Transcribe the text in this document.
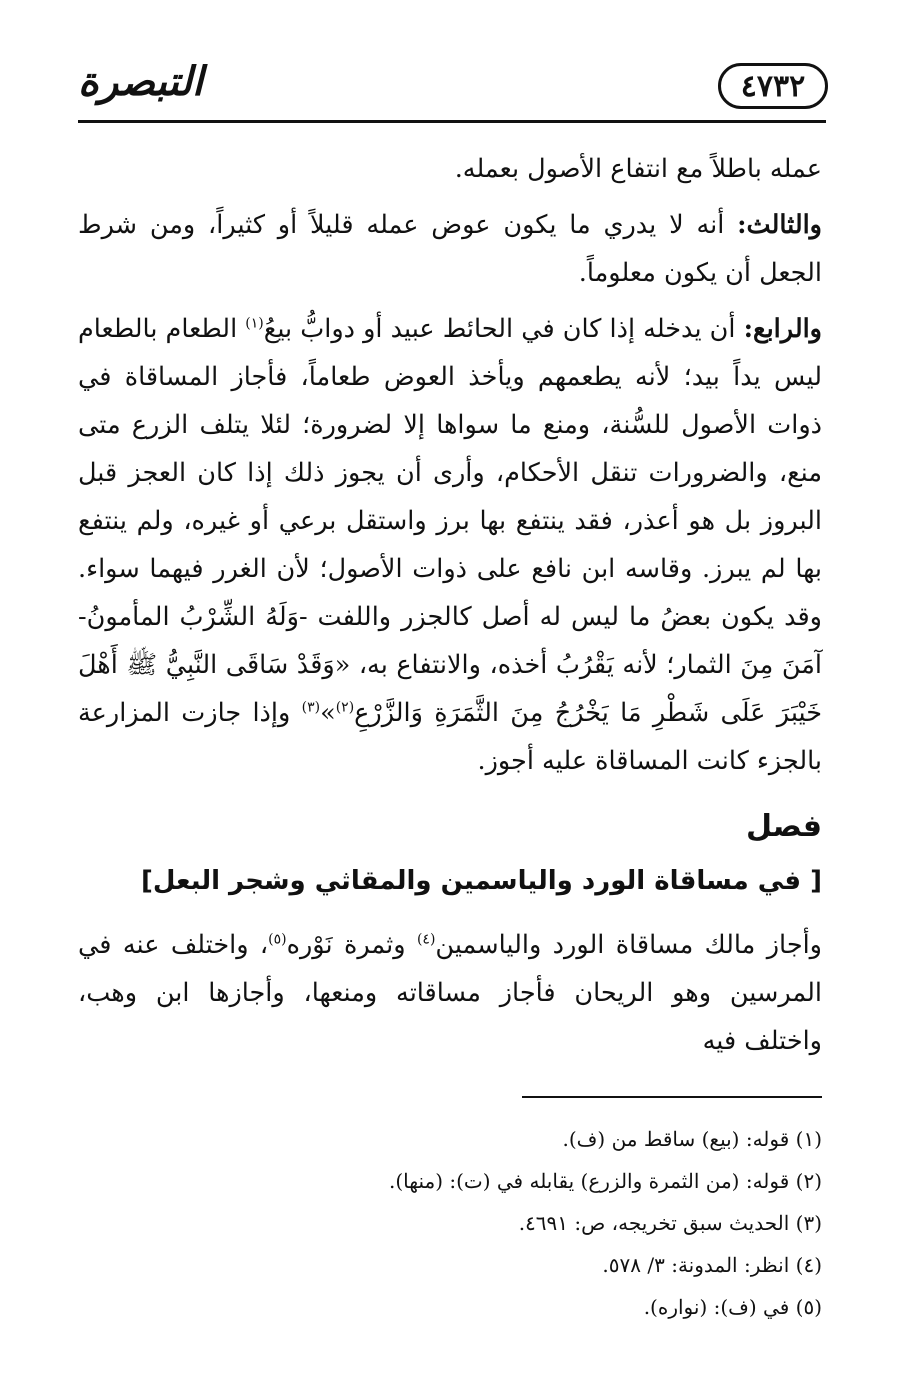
التبصرة	٤٧٣٢

عمله باطلاً مع انتفاع الأصول بعمله.

والثالث: أنه لا يدري ما يكون عوض عمله قليلاً أو كثيراً، ومن شرط الجعل أن يكون معلوماً.

والرابع: أن يدخله إذا كان في الحائط عبيد أو دوابُّ بيعُ$^{(١)}$ الطعام بالطعام ليس يداً بيد؛ لأنه يطعمهم ويأخذ العوض طعاماً، فأجاز المساقاة في ذوات الأصول للسُّنة، ومنع ما سواها إلا لضرورة؛ لئلا يتلف الزرع متى منع، والضرورات تنقل الأحكام، وأرى أن يجوز ذلك إذا كان العجز قبل البروز بل هو أعذر، فقد ينتفع بها برز واستقل برعي أو غيره، ولم ينتفع بها لم يبرز. وقاسه ابن نافع على ذوات الأصول؛ لأن الغرر فيهما سواء. وقد يكون بعضُ ما ليس له أصل كالجزر واللفت -وَلَهُ الشِّرْبُ المأمونُ- آمَنَ مِنَ الثمار؛ لأنه يَقْرُبُ أخذه، والانتفاع به، «وَقَدْ سَاقَى النَّبِيُّ ﷺ أَهْلَ خَيْبَرَ عَلَى شَطْرِ مَا يَخْرُجُ مِنَ الثَّمَرَةِ وَالزَّرْعِ$^{(٢)}$»$^{(٣)}$ وإذا جازت المزارعة بالجزء كانت المساقاة عليه أجوز.

فصل
[ في مساقاة الورد والياسمين والمقاثي وشجر البعل]

وأجاز مالك مساقاة الورد والياسمين$^{(٤)}$ وثمرة نَوْره$^{(٥)}$، واختلف عنه في المرسين وهو الريحان فأجاز مساقاته ومنعها، وأجازها ابن وهب، واختلف فيه

(١) قوله: (بيع) ساقط من (ف).

(٢) قوله: (من الثمرة والزرع) يقابله في (ت): (منها).

(٣) الحديث سبق تخريجه، ص: ٤٦٩١.

(٤) انظر: المدونة: ٣/ ٥٧٨.

(٥) في (ف): (نواره).
